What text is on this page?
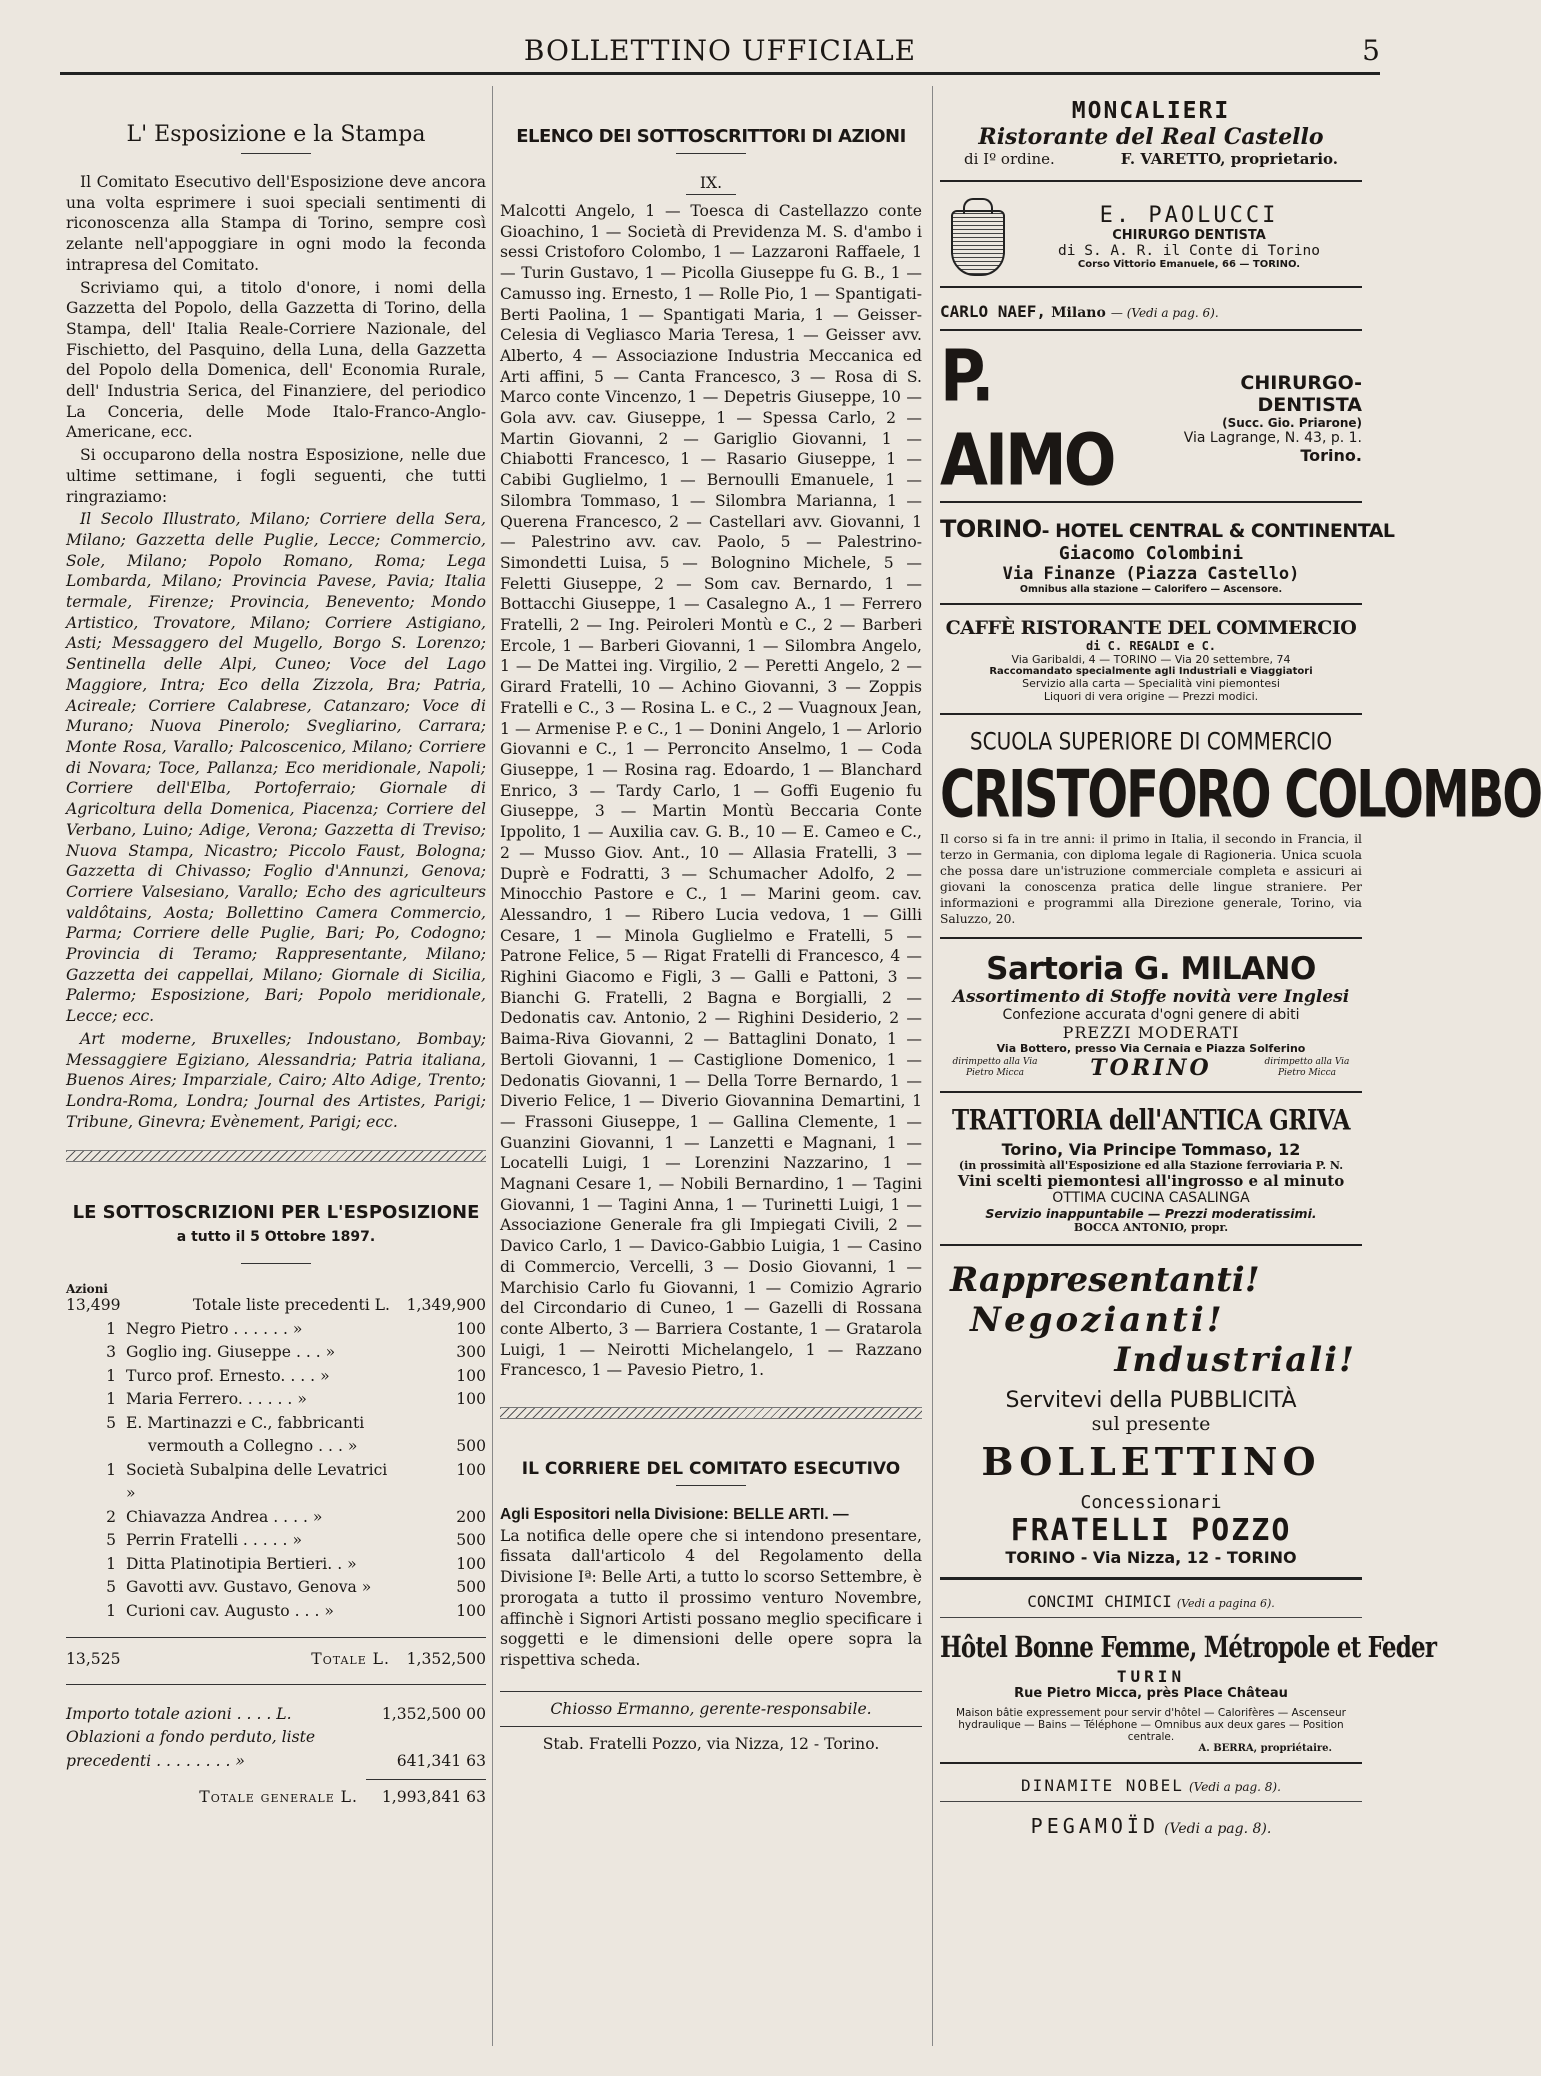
BOLLETTINO UFFICIALE	5
L' Esposizione e la Stampa

Il Comitato Esecutivo dell'Esposizione deve ancora una volta esprimere i suoi speciali sentimenti di riconoscenza alla Stampa di Torino, sempre così zelante nell'appoggiare in ogni modo la feconda intrapresa del Comitato.

Scriviamo qui, a titolo d'onore, i nomi della Gazzetta del Popolo, della Gazzetta di Torino, della Stampa, dell' Italia Reale-Corriere Nazionale, del Fischietto, del Pasquino, della Luna, della Gazzetta del Popolo della Domenica, dell' Economia Rurale, dell' Industria Serica, del Finanziere, del periodico La Conceria, delle Mode Italo-Franco-Anglo-Americane, ecc.

Si occuparono della nostra Esposizione, nelle due ultime settimane, i fogli seguenti, che tutti ringraziamo:

Il Secolo Illustrato, Milano; Corriere della Sera, Milano; Gazzetta delle Puglie, Lecce; Commercio, Sole, Milano; Popolo Romano, Roma; Lega Lombarda, Milano; Provincia Pavese, Pavia; Italia termale, Firenze; Provincia, Benevento; Mondo Artistico, Trovatore, Milano; Corriere Astigiano, Asti; Messaggero del Mugello, Borgo S. Lorenzo; Sentinella delle Alpi, Cuneo; Voce del Lago Maggiore, Intra; Eco della Zizzola, Bra; Patria, Acireale; Corriere Calabrese, Catanzaro; Voce di Murano; Nuova Pinerolo; Svegliarino, Carrara; Monte Rosa, Varallo; Palcoscenico, Milano; Corriere di Novara; Toce, Pallanza; Eco meridionale, Napoli; Corriere dell'Elba, Portoferraio; Giornale di Agricoltura della Domenica, Piacenza; Corriere del Verbano, Luino; Adige, Verona; Gazzetta di Treviso; Nuova Stampa, Nicastro; Piccolo Faust, Bologna; Gazzetta di Chivasso; Foglio d'Annunzi, Genova; Corriere Valsesiano, Varallo; Echo des agriculteurs valdôtains, Aosta; Bollettino Camera Commercio, Parma; Corriere delle Puglie, Bari; Po, Codogno; Provincia di Teramo; Rappresentante, Milano; Gazzetta dei cappellai, Milano; Giornale di Sicilia, Palermo; Esposizione, Bari; Popolo meridionale, Lecce; ecc.

Art moderne, Bruxelles; Indoustano, Bombay; Messaggiere Egiziano, Alessandria; Patria italiana, Buenos Aires; Imparziale, Cairo; Alto Adige, Trento; Londra-Roma, Londra; Journal des Artistes, Parigi; Tribune, Ginevra; Evènement, Parigi; ecc.

LE SOTTOSCRIZIONI PER L'ESPOSIZIONE
a tutto il 5 Ottobre 1897.
Azioni
13,499	Totale liste precedenti L.	1,349,900
1	Negro Pietro . . . . . . »	100
3	Goglio ing. Giuseppe . . . »	300
1	Turco prof. Ernesto. . . . »	100
1	Maria Ferrero. . . . . . »	100
5	E. Martinazzi e C., fabbricanti	
	vermouth a Collegno . . . »	500
1	Società Subalpina delle Levatrici »	100
2	Chiavazza Andrea . . . . »	200
5	Perrin Fratelli . . . . . »	500
1	Ditta Platinotipia Bertieri. . »	100
5	Gavotti avv. Gustavo, Genova »	500
1	Curioni cav. Augusto . . . »	100
13,525	Totale L.	1,352,500
Importo totale azioni . . . . L.	1,352,500 00
Oblazioni a fondo perduto, liste precedenti . . . . . . . . »	641,341 63
Totale generale L.	1,993,841 63
ELENCO DEI SOTTOSCRITTORI DI AZIONI
IX.

Malcotti Angelo, 1 — Toesca di Castellazzo conte Gioachino, 1 — Società di Previdenza M. S. d'ambo i sessi Cristoforo Colombo, 1 — Lazzaroni Raffaele, 1 — Turin Gustavo, 1 — Picolla Giuseppe fu G. B., 1 — Camusso ing. Ernesto, 1 — Rolle Pio, 1 — Spantigati-Berti Paolina, 1 — Spantigati Maria, 1 — Geisser-Celesia di Vegliasco Maria Teresa, 1 — Geisser avv. Alberto, 4 — Associazione Industria Meccanica ed Arti affini, 5 — Canta Francesco, 3 — Rosa di S. Marco conte Vincenzo, 1 — Depetris Giuseppe, 10 — Gola avv. cav. Giuseppe, 1 — Spessa Carlo, 2 — Martin Giovanni, 2 — Gariglio Giovanni, 1 — Chiabotti Francesco, 1 — Rasario Giuseppe, 1 — Cabibi Guglielmo, 1 — Bernoulli Emanuele, 1 — Silombra Tommaso, 1 — Silombra Marianna, 1 — Querena Francesco, 2 — Castellari avv. Giovanni, 1 — Palestrino avv. cav. Paolo, 5 — Palestrino-Simondetti Luisa, 5 — Bolognino Michele, 5 — Feletti Giuseppe, 2 — Som cav. Bernardo, 1 — Bottacchi Giuseppe, 1 — Casalegno A., 1 — Ferrero Fratelli, 2 — Ing. Peiroleri Montù e C., 2 — Barberi Ercole, 1 — Barberi Giovanni, 1 — Silombra Angelo, 1 — De Mattei ing. Virgilio, 2 — Peretti Angelo, 2 — Girard Fratelli, 10 — Achino Giovanni, 3 — Zoppis Fratelli e C., 3 — Rosina L. e C., 2 — Vuagnoux Jean, 1 — Armenise P. e C., 1 — Donini Angelo, 1 — Arlorio Giovanni e C., 1 — Perroncito Anselmo, 1 — Coda Giuseppe, 1 — Rosina rag. Edoardo, 1 — Blanchard Enrico, 3 — Tardy Carlo, 1 — Goffi Eugenio fu Giuseppe, 3 — Martin Montù Beccaria Conte Ippolito, 1 — Auxilia cav. G. B., 10 — E. Cameo e C., 2 — Musso Giov. Ant., 10 — Allasia Fratelli, 3 — Duprè e Fodratti, 3 — Schumacher Adolfo, 2 — Minocchio Pastore e C., 1 — Marini geom. cav. Alessandro, 1 — Ribero Lucia vedova, 1 — Gilli Cesare, 1 — Minola Guglielmo e Fratelli, 5 — Patrone Felice, 5 — Rigat Fratelli di Francesco, 4 — Righini Giacomo e Figli, 3 — Galli e Pattoni, 3 — Bianchi G. Fratelli, 2 Bagna e Borgialli, 2 — Dedonatis cav. Antonio, 2 — Righini Desiderio, 2 — Baima-Riva Giovanni, 2 — Battaglini Donato, 1 — Bertoli Giovanni, 1 — Castiglione Domenico, 1 — Dedonatis Giovanni, 1 — Della Torre Bernardo, 1 — Diverio Felice, 1 — Diverio Giovannina Demartini, 1 — Frassoni Giuseppe, 1 — Gallina Clemente, 1 — Guanzini Giovanni, 1 — Lanzetti e Magnani, 1 — Locatelli Luigi, 1 — Lorenzini Nazzarino, 1 — Magnani Cesare 1, — Nobili Bernardino, 1 — Tagini Giovanni, 1 — Tagini Anna, 1 — Turinetti Luigi, 1 — Associazione Generale fra gli Impiegati Civili, 2 — Davico Carlo, 1 — Davico-Gabbio Luigia, 1 — Casino di Commercio, Vercelli, 3 — Dosio Giovanni, 1 — Marchisio Carlo fu Giovanni, 1 — Comizio Agrario del Circondario di Cuneo, 1 — Gazelli di Rossana conte Alberto, 3 — Barriera Costante, 1 — Gratarola Luigi, 1 — Neirotti Michelangelo, 1 — Razzano Francesco, 1 — Pavesio Pietro, 1.

IL CORRIERE DEL COMITATO ESECUTIVO

Agli Espositori nella Divisione: BELLE ARTI. —

La notifica delle opere che si intendono presentare, fissata dall'articolo 4 del Regolamento della Divisione Iª: Belle Arti, a tutto lo scorso Settembre, è prorogata a tutto il prossimo venturo Novembre, affinchè i Signori Artisti possano meglio specificare i soggetti e le dimensioni delle opere sopra la rispettiva scheda.

Chiosso Ermanno, gerente-responsabile.
Stab. Fratelli Pozzo, via Nizza, 12 - Torino.
MONCALIERI
Ristorante del Real Castello
di Iº ordine.	F. VARETTO, proprietario.
E. PAOLUCCI
CHIRURGO DENTISTA
di S. A. R. il Conte di Torino
Corso Vittorio Emanuele, 66 — TORINO.
CARLO NAEF, Milano — (Vedi a pag. 6).
P. AIMO
CHIRURGO-DENTISTA
(Succ. Gio. Priarone)
Via Lagrange, N. 43, p. 1. Torino.
TORINO- HOTEL CENTRAL & CONTINENTAL
Giacomo Colombini
Via Finanze (Piazza Castello)
Omnibus alla stazione — Calorifero — Ascensore.
CAFFÈ RISTORANTE DEL COMMERCIO
di C. REGALDI e C.
Via Garibaldi, 4 — TORINO — Via 20 settembre, 74
Raccomandato specialmente agli Industriali e Viaggiatori
Servizio alla carta — Specialità vini piemontesi
Liquori di vera origine — Prezzi modici.
SCUOLA SUPERIORE DI COMMERCIO
CRISTOFORO COLOMBO
Il corso si fa in tre anni: il primo in Italia, il secondo in Francia, il terzo in Germania, con diploma legale di Ragioneria. Unica scuola che possa dare un'istruzione commerciale completa e assicuri ai giovani la conoscenza pratica delle lingue straniere. Per informazioni e programmi alla Direzione generale, Torino, via Saluzzo, 20.
Sartoria G. MILANO
Assortimento di Stoffe novità vere Inglesi
Confezione accurata d'ogni genere di abiti
PREZZI MODERATI
Via Bottero, presso Via Cernaia e Piazza Solferino
dirimpetto alla Via Pietro Micca	TORINO	dirimpetto alla Via Pietro Micca
TRATTORIA dell'ANTICA GRIVA
Torino, Via Principe Tommaso, 12
(in prossimità all'Esposizione ed alla Stazione ferroviaria P. N.
Vini scelti piemontesi all'ingrosso e al minuto
OTTIMA CUCINA CASALINGA
Servizio inappuntabile — Prezzi moderatissimi.
BOCCA ANTONIO, propr.
Rappresentanti!
Negozianti!
Industriali!
Servitevi della PUBBLICITÀ
sul presente
BOLLETTINO
Concessionari
FRATELLI POZZO
TORINO - Via Nizza, 12 - TORINO
CONCIMI CHIMICI (Vedi a pagina 6).
Hôtel Bonne Femme, Métropole et Feder
TURIN
Rue Pietro Micca, près Place Château
Maison bâtie expressement pour servir d'hôtel — Calorifères — Ascenseur hydraulique — Bains — Téléphone — Omnibus aux deux gares — Position centrale.
A. BERRA, propriétaire.
DINAMITE NOBEL (Vedi a pag. 8).
PEGAMOÏD (Vedi a pag. 8).
